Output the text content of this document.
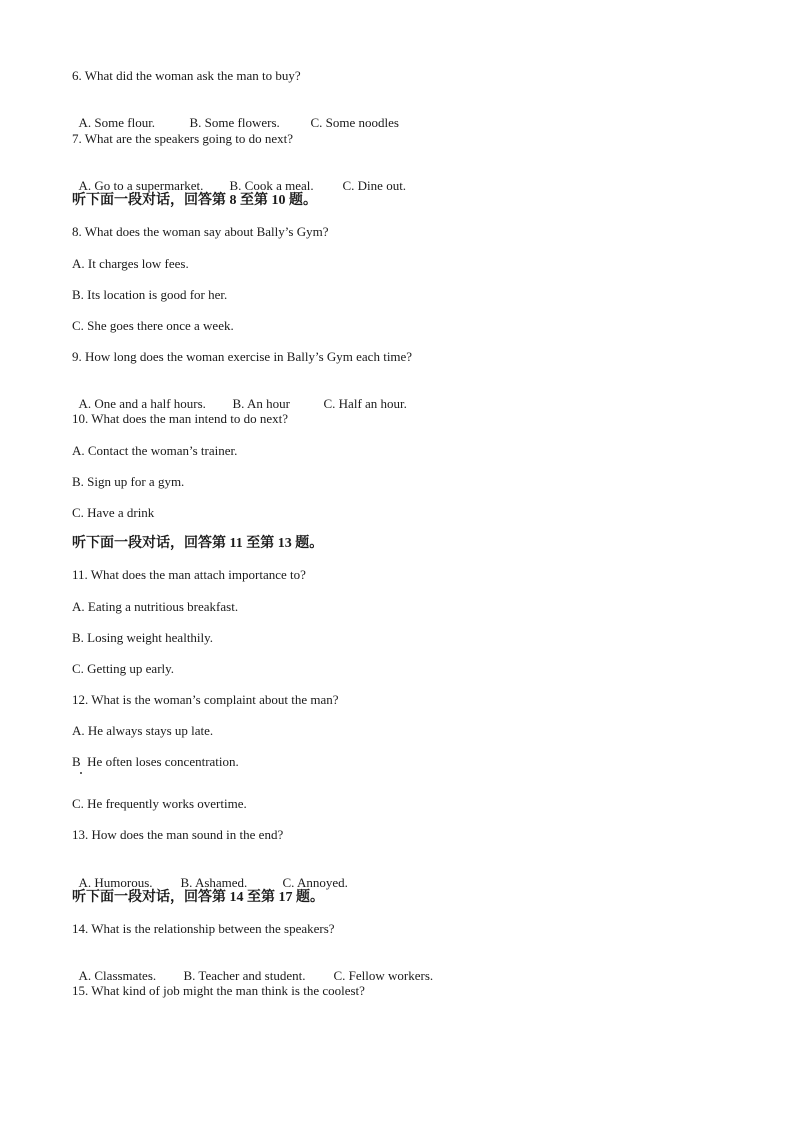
6. What did the woman ask the man to buy?

A. Some flour.	B. Some flowers. C. Some noodles

7. What are the speakers going to do next?

A. Go to a supermarket. B. Cook a meal. C. Dine out.

听下面一段对话，回答第 8 至第 10 题。

8. What does the woman say about Bally’s Gym?

A. It charges low fees.

B. Its location is good for her.

C. She goes there once a week.

9. How long does the woman exercise in Bally’s Gym each time?

A. One and a half hours. B. An hour	C. Half an hour.

10. What does the man intend to do next?

A. Contact the woman’s trainer.

B. Sign up for a gym.

C. Have a drink

听下面一段对话，回答第 11 至第 13 题。

11. What does the man attach importance to?

A. Eating a nutritious breakfast.

B. Losing weight healthily.

C. Getting up early.

12. What is the woman’s complaint about the man?

A. He always stays up late.

B  He often loses concentration.

C. He frequently works overtime.

13. How does the man sound in the end?

A. Humorous. B. Ashamed.	C. Annoyed.

听下面一段对话，回答第 14 至第 17 题。

14. What is the relationship between the speakers?

A. Classmates. B. Teacher and student. C. Fellow workers.

15. What kind of job might the man think is the coolest?
